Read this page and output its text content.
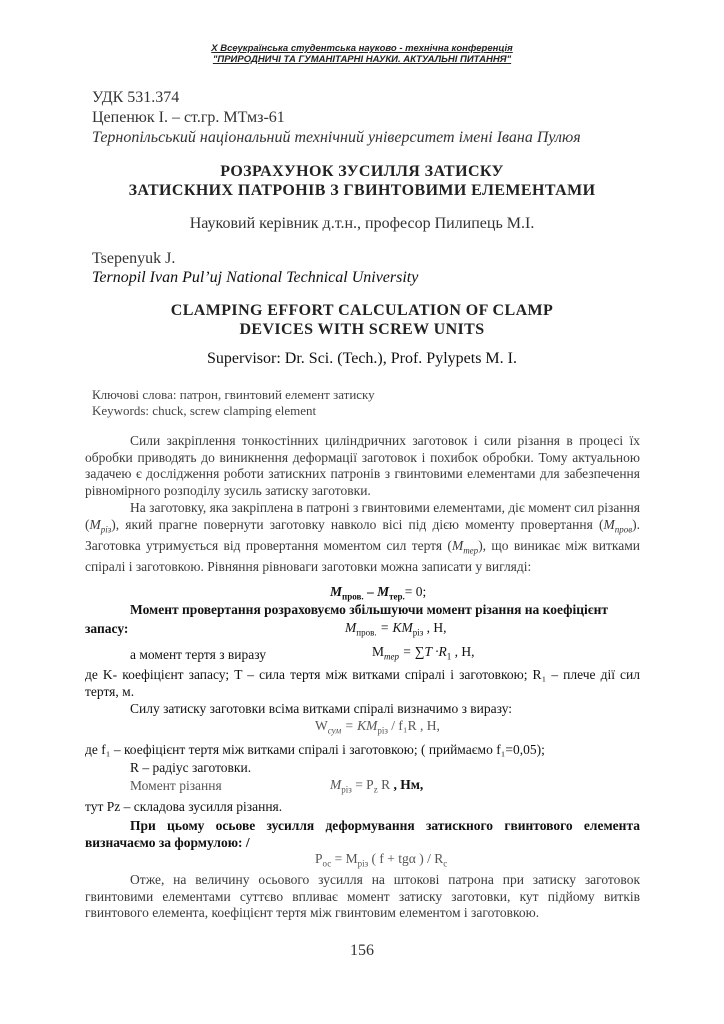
X Всеукраїнська студентська науково - технічна конференція
"ПРИРОДНИЧІ ТА ГУМАНІТАРНІ НАУКИ. АКТУАЛЬНІ ПИТАННЯ"
УДК 531.374
Цепенюк І. – ст.гр. МТмз-61
Тернопільський національний технічний університет імені Івана Пулюя
РОЗРАХУНОК ЗУСИЛЛЯ ЗАТИСКУ
ЗАТИСКНИХ ПАТРОНІВ З ГВИНТОВИМИ ЕЛЕМЕНТАМИ
Науковий керівник д.т.н., професор Пилипець М.І.
Tsepenyuk J.
Ternopil Ivan Pul’uj National Technical University
CLAMPING EFFORT CALCULATION OF CLAMP
DEVICES WITH SCREW UNITS
Supervisor: Dr. Sci. (Tech.), Prof. Pylypets M. I.
Ключові слова: патрон, гвинтовий елемент затиску
Keywords: chuck, screw clamping element
Сили закріплення тонкостінних циліндричних заготовок і сили різання в процесі їх обробки приводять до виникнення деформації заготовок і похибок обробки. Тому актуальною задачею є дослідження роботи затискних патронів з гвинтовими елементами для забезпечення рівномірного розподілу зусиль затиску заготовки.
На заготовку, яка закріплена в патроні з гвинтовими елементами, діє момент сил різання $(M_{різ})$, який прагне повернути заготовку навколо вісі під дією моменту провертання $(M_{пров})$. Заготовка утримується від провертання моментом сил тертя $(M_{тер})$, що виникає між витками спіралі і заготовкою. Рівняння рівноваги заготовки можна записати у вигляді:
$M_{пров.} - M_{тер.}= 0$;
Момент провертання розраховуємо збільшуючи момент різання на коефіцієнт
запасу:	$M_{пров.} = KM_{різ}$ , Н,
а момент тертя з виразу	$M_{тер} = \sum T \cdot R_1$ , Н,
де K- коефіцієнт запасу; T – сила тертя між витками спіралі і заготовкою; R₁ – плече дії сил тертя, м.
Силу затиску заготовки всіма витками спіралі визначимо з виразу:
$W_{сум} = KM_{різ} / f_1R$ , Н,
де f₁ – коефіцієнт тертя між витками спіралі і заготовкою; ( приймаємо f₁=0,05);
R – радіус заготовки.
Момент різання	$M_{різ} = P_z$ R , Нм,
тут Pz – складова зусилля різання.
При цьому осьове зусилля деформування затискного гвинтового елемента визначаємо за формулою: /
$P_{ос} = M_{різ}$ ( f + tgα ) / $R_c$
Отже, на величину осьового зусилля на штокові патрона при затиску заготовок гвинтовими елементами суттєво впливає момент затиску заготовки, кут підйому витків гвинтового елемента, коефіцієнт тертя між гвинтовим елементом і заготовкою.
156
